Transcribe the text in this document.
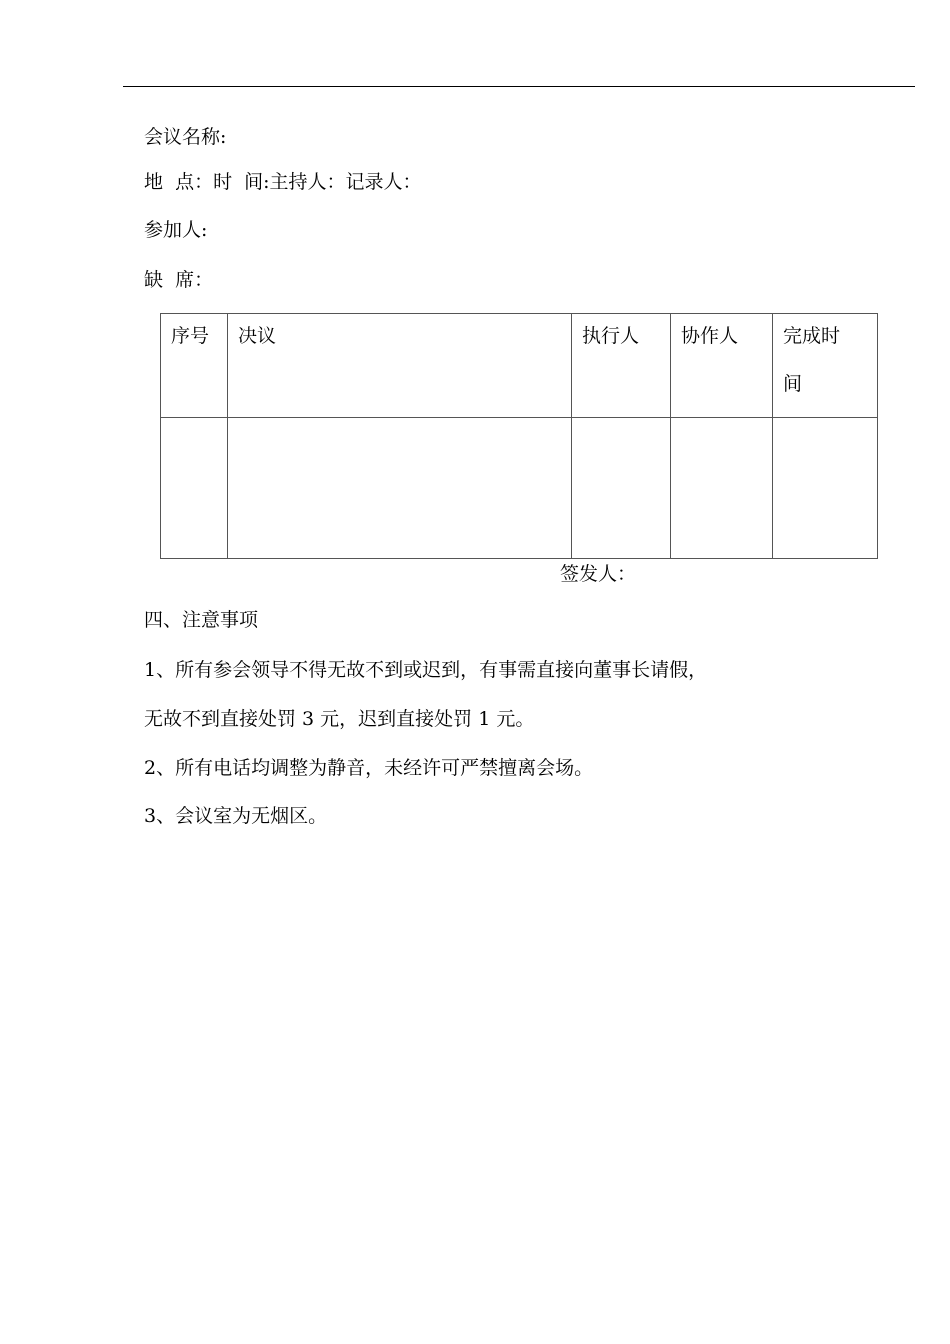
会议名称:
地  点：时  间:主持人：记录人：
参加人:
缺  席：
序号	决议	执行人	协作人	完成时间

签发人：
四、注意事项
1、所有参会领导不得无故不到或迟到，有事需直接向董事长请假，
无故不到直接处罚 3 元，迟到直接处罚 1 元。
2、所有电话均调整为静音，未经许可严禁擅离会场。
3、会议室为无烟区。
